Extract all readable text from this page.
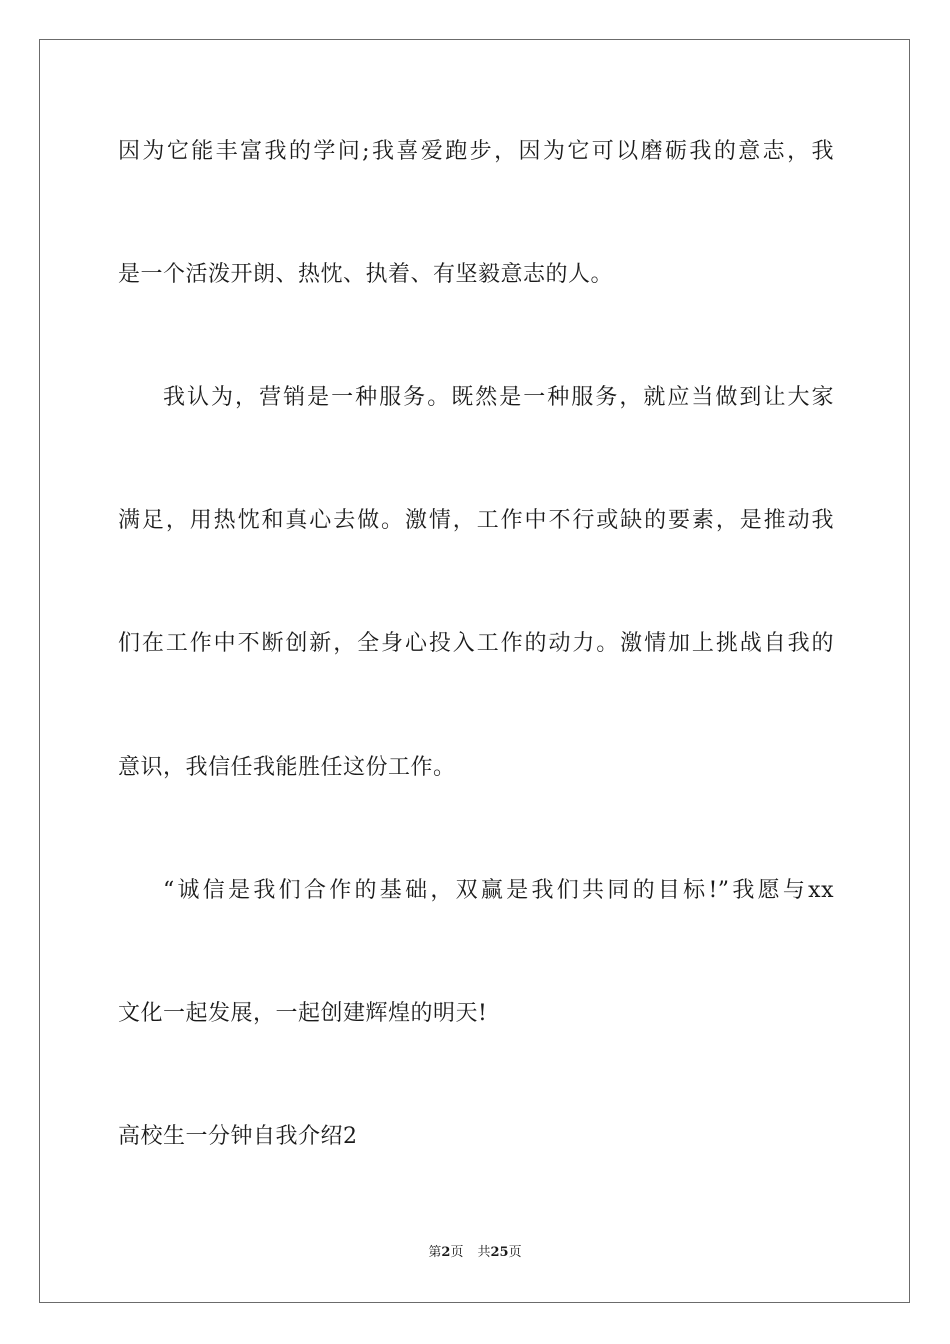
因为它能丰富我的学问;我喜爱跑步，因为它可以磨砺我的意志，我
是一个活泼开朗、热忱、执着、有坚毅意志的人。
我认为，营销是一种服务。既然是一种服务，就应当做到让大家
满足，用热忱和真心去做。激情，工作中不行或缺的要素，是推动我
们在工作中不断创新，全身心投入工作的动力。激情加上挑战自我的
意识，我信任我能胜任这份工作。
“诚信是我们合作的基础，双赢是我们共同的目标!”我愿与xx
文化一起发展，一起创建辉煌的明天!
高校生一分钟自我介绍2
第2页 共25页
